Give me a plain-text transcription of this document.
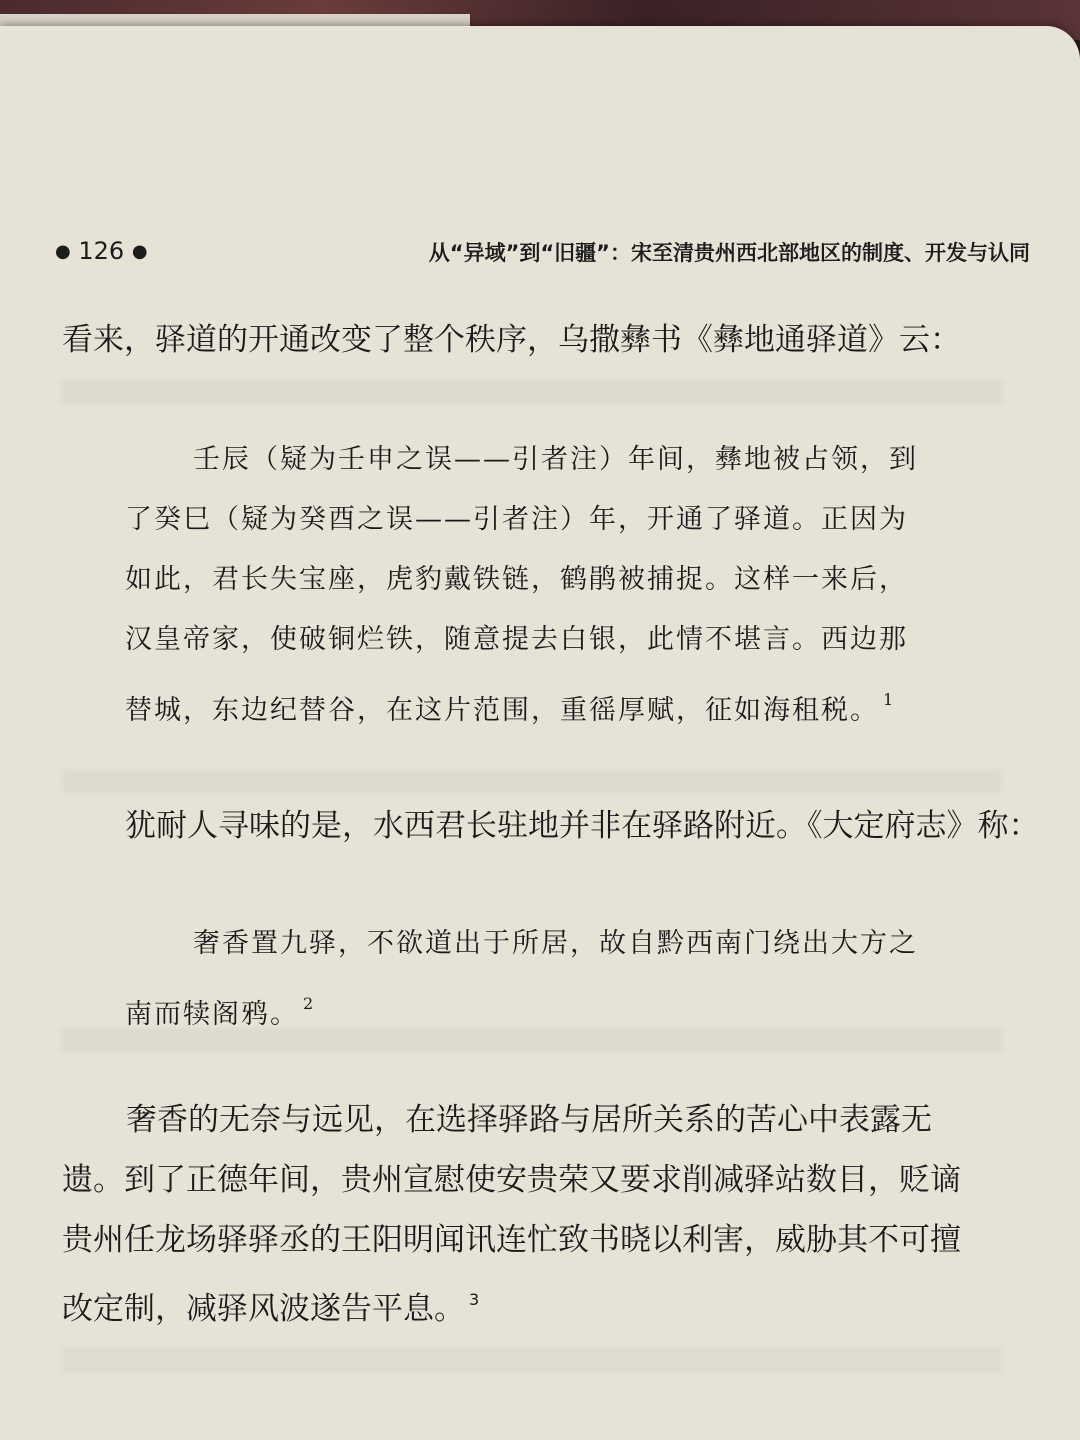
● 126 ●	从“异域”到“旧疆”：宋至清贵州西北部地区的制度、开发与认同
看来，驿道的开通改变了整个秩序，乌撒彝书《彝地通驿道》云：
壬辰（疑为壬申之误——引者注）年间，彝地被占领，到
了癸巳（疑为癸酉之误——引者注）年，开通了驿道。正因为
如此，君长失宝座，虎豹戴铁链，鹤鹃被捕捉。这样一来后，
汉皇帝家，使破铜烂铁，随意提去白银，此情不堪言。西边那
替城，东边纪替谷，在这片范围，重徭厚赋，征如海租税。 $^1$
犹耐人寻味的是，水西君长驻地并非在驿路附近。《大定府志》称：
奢香置九驿，不欲道出于所居，故自黔西南门绕出大方之
南而犊阁鸦。 $^2$
奢香的无奈与远见，在选择驿路与居所关系的苦心中表露无
遗。到了正德年间，贵州宣慰使安贵荣又要求削减驿站数目，贬谪
贵州任龙场驿驿丞的王阳明闻讯连忙致书晓以利害，威胁其不可擅
改定制，减驿风波遂告平息。 $^3$
